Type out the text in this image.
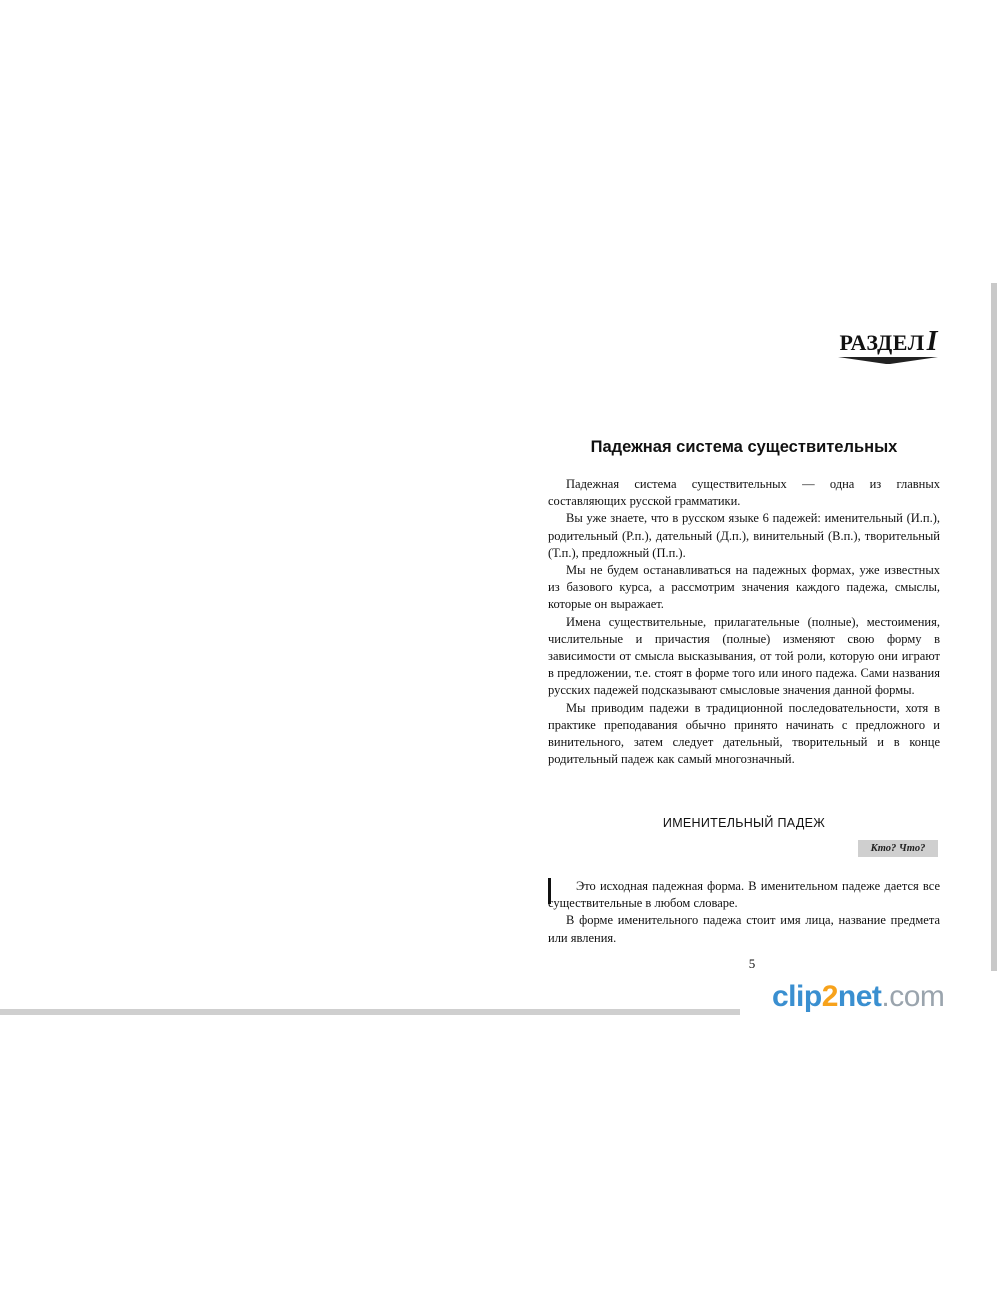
РАЗДЕЛI
Падежная система существительных

Падежная система существительных — одна из главных составляющих русской грамматики.

Вы уже знаете, что в русском языке 6 падежей: именительный (И.п.), родительный (Р.п.), дательный (Д.п.), винительный (В.п.), творительный (Т.п.), предложный (П.п.).

Мы не будем останавливаться на падежных формах, уже известных из базового курса, а рассмотрим значения каждого падежа, смыслы, которые он выражает.

Имена существительные, прилагательные (полные), местоимения, числительные и причастия (полные) изменяют свою форму в зависимости от смысла высказывания, от той роли, которую они играют в предложении, т.е. стоят в форме того или иного падежа. Сами названия русских падежей подсказывают смысловые значения данной формы.

Мы приводим падежи в традиционной последовательности, хотя в практике преподавания обычно принято начинать с предложного и винительного, затем следует дательный, творительный и в конце родительный падеж как самый многозначный.

ИМЕНИТЕЛЬНЫЙ ПАДЕЖ
Кто? Что?

Это исходная падежная форма. В именительном падеже дается все существительные в любом словаре.

В форме именительного падежа стоит имя лица, название предмета или явления.

5
clip2net.com
